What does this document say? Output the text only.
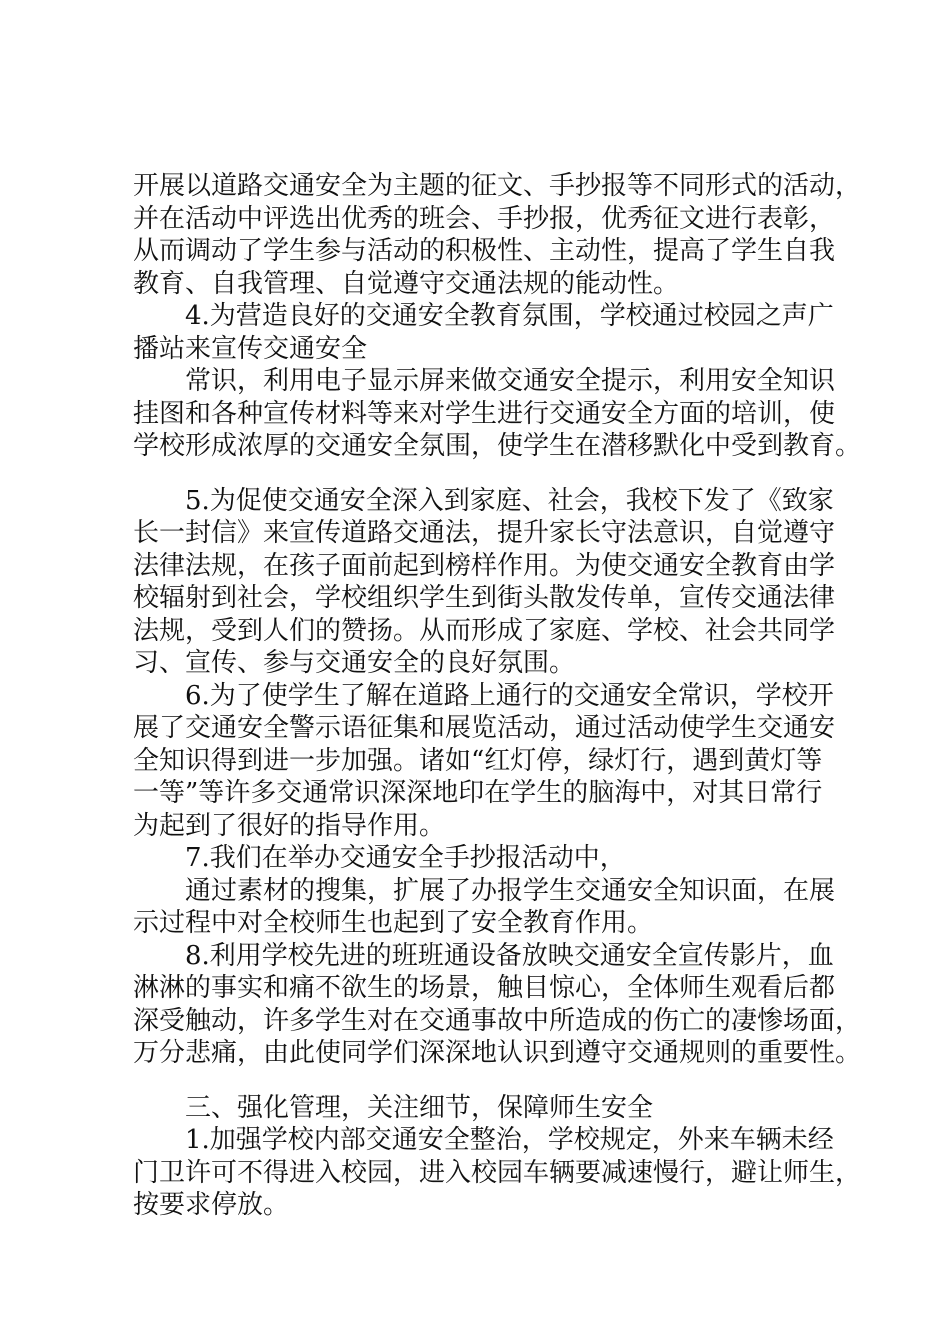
开展以道路交通安全为主题的征文、手抄报等不同形式的活动，
并在活动中评选出优秀的班会、手抄报，优秀征文进行表彰，
从而调动了学生参与活动的积极性、主动性，提高了学生自我
教育、自我管理、自觉遵守交通法规的能动性。
4.为营造良好的交通安全教育氛围，学校通过校园之声广
播站来宣传交通安全
常识，利用电子显示屏来做交通安全提示，利用安全知识
挂图和各种宣传材料等来对学生进行交通安全方面的培训，使
学校形成浓厚的交通安全氛围，使学生在潜移默化中受到教育。
5.为促使交通安全深入到家庭、社会，我校下发了《致家
长一封信》来宣传道路交通法，提升家长守法意识，自觉遵守
法律法规，在孩子面前起到榜样作用。为使交通安全教育由学
校辐射到社会，学校组织学生到街头散发传单，宣传交通法律
法规，受到人们的赞扬。从而形成了家庭、学校、社会共同学
习、宣传、参与交通安全的良好氛围。
6.为了使学生了解在道路上通行的交通安全常识，学校开
展了交通安全警示语征集和展览活动，通过活动使学生交通安
全知识得到进一步加强。诸如“红灯停，绿灯行，遇到黄灯等
一等”等许多交通常识深深地印在学生的脑海中，对其日常行
为起到了很好的指导作用。
7.我们在举办交通安全手抄报活动中，
通过素材的搜集，扩展了办报学生交通安全知识面，在展
示过程中对全校师生也起到了安全教育作用。
8.利用学校先进的班班通设备放映交通安全宣传影片，血
淋淋的事实和痛不欲生的场景，触目惊心，全体师生观看后都
深受触动，许多学生对在交通事故中所造成的伤亡的凄惨场面，
万分悲痛，由此使同学们深深地认识到遵守交通规则的重要性。
三、强化管理，关注细节，保障师生安全
1.加强学校内部交通安全整治，学校规定，外来车辆未经
门卫许可不得进入校园，进入校园车辆要减速慢行，避让师生，
按要求停放。
